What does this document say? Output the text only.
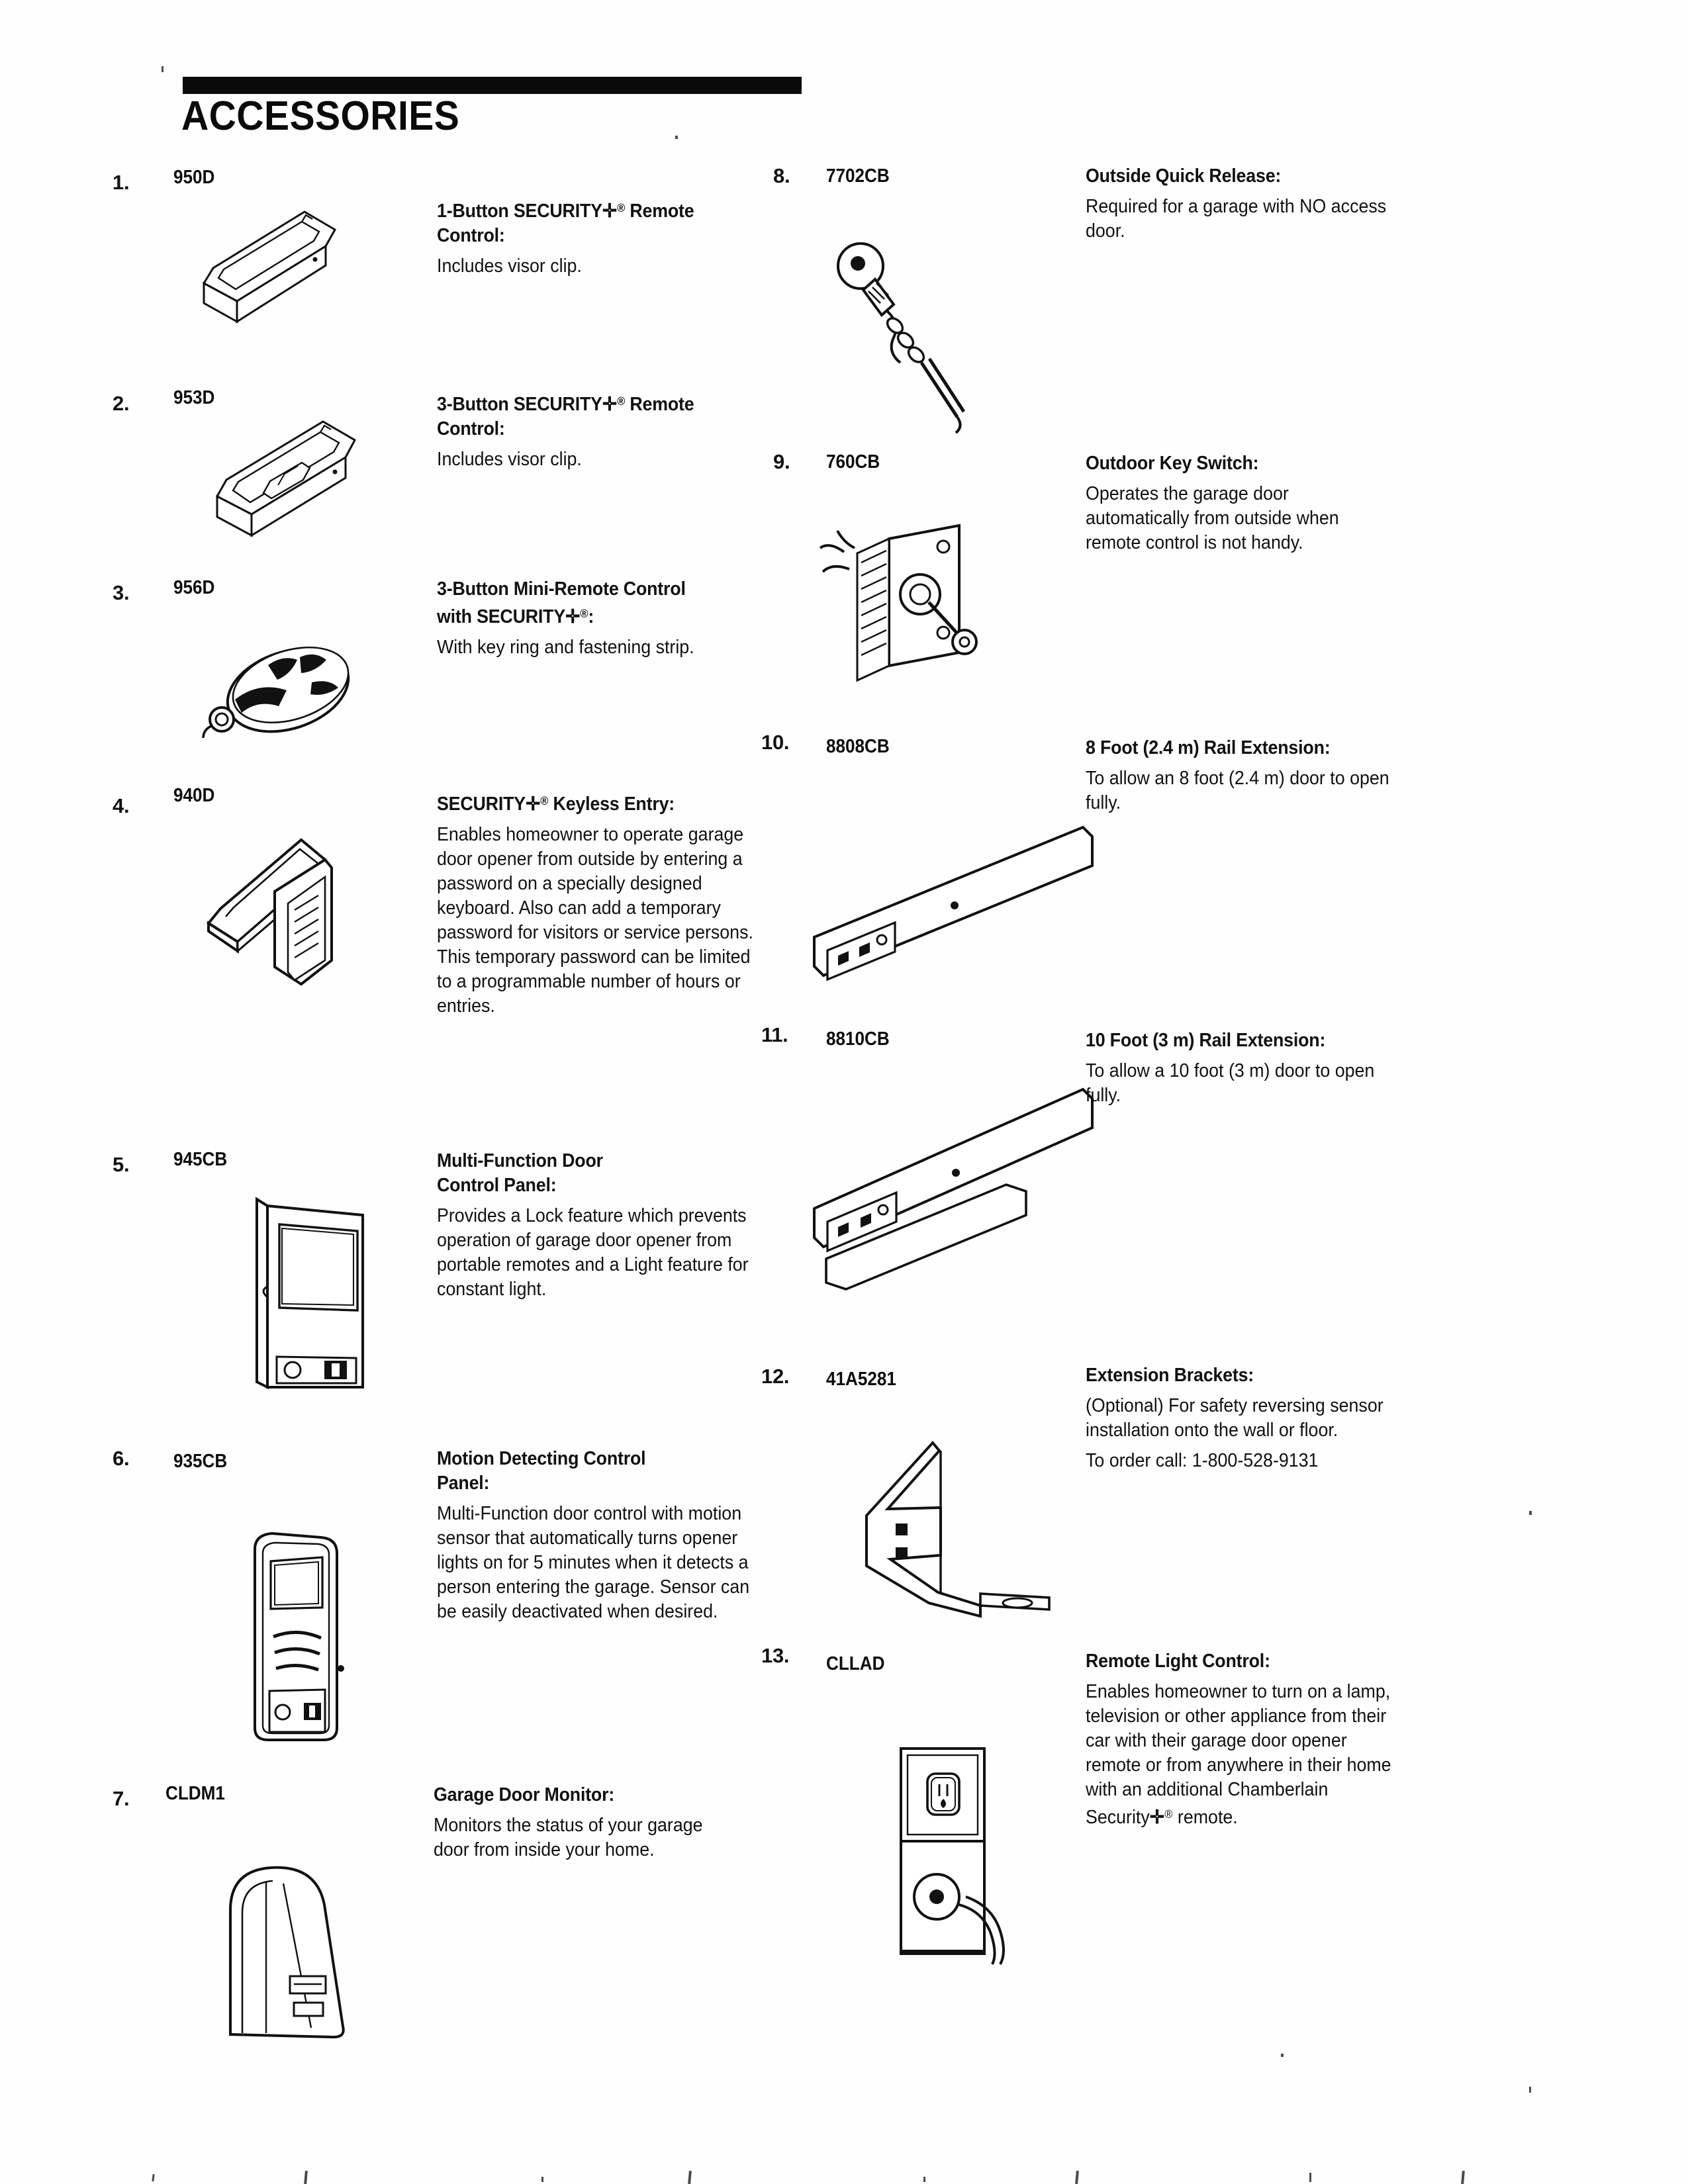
ACCESSORIES
1. 950D
1-Button SECURITY✛® Remote
Control:
Includes visor clip.
2. 953D	3-Button SECURITY✛® Remote
Control:
Includes visor clip.
3. 956D	3-Button Mini-Remote Control
with SECURITY✛®:
With key ring and fastening strip.
4. 940D	SECURITY✛® Keyless Entry:
Enables homeowner to operate garage door opener from outside by entering a password on a specially designed keyboard. Also can add a temporary password for visitors or service persons. This temporary password can be limited to a programmable number of hours or entries.
5. 945CB	Multi-Function Door
Control Panel:
Provides a Lock feature which prevents operation of garage door opener from portable remotes and a Light feature for constant light.
6. 935CB	Motion Detecting Control
Panel:
Multi-Function door control with motion sensor that automatically turns opener lights on for 5 minutes when it detects a person entering the garage. Sensor can be easily deactivated when desired.
7. CLDM1	Garage Door Monitor:
Monitors the status of your garage door from inside your home.
8. 7702CB	Outside Quick Release:
Required for a garage with NO access door.
9. 760CB	Outdoor Key Switch:
Operates the garage door automatically from outside when remote control is not handy.
10. 8808CB	8 Foot (2.4 m) Rail Extension:
To allow an 8 foot (2.4 m) door to open fully.
11. 8810CB	10 Foot (3 m) Rail Extension:
To allow a 10 foot (3 m) door to open fully.
12. 41A5281	Extension Brackets:
(Optional) For safety reversing sensor installation onto the wall or floor.
To order call: 1-800-528-9131
13. CLLAD	Remote Light Control:
Enables homeowner to turn on a lamp, television or other appliance from their car with their garage door opener remote or from anywhere in their home with an additional Chamberlain Security✛® remote.
